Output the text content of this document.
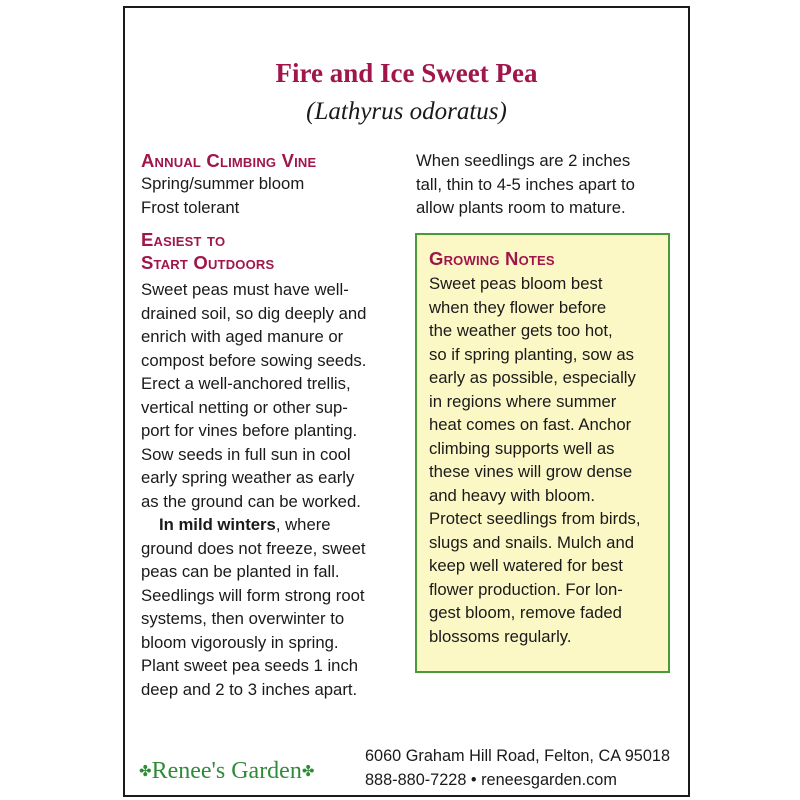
Fire and Ice Sweet Pea
(Lathyrus odoratus)
Annual Climbing Vine

Spring/summer bloom

Frost tolerant

Easiest to
Start Outdoors

Sweet peas must have well-

drained soil, so dig deeply and

enrich with aged manure or

compost before sowing seeds.

Erect a well-anchored trellis,

vertical netting or other sup-

port for vines before planting.

Sow seeds in full sun in cool

early spring weather as early

as the ground can be worked.

In mild winters, where

ground does not freeze, sweet

peas can be planted in fall.

Seedlings will form strong root

systems, then overwinter to

bloom vigorously in spring.

Plant sweet pea seeds 1 inch

deep and 2 to 3 inches apart.

When seedlings are 2 inches

tall, thin to 4-5 inches apart to

allow plants room to mature.

Growing Notes

Sweet peas bloom best

when they flower before

the weather gets too hot,

so if spring planting, sow as

early as possible, especially

in regions where summer

heat comes on fast. Anchor

climbing supports well as

these vines will grow dense

and heavy with bloom.

Protect seedlings from birds,

slugs and snails. Mulch and

keep well watered for best

flower production. For lon-

gest bloom, remove faded

blossoms regularly.

✤Renee's Garden✤
6060 Graham Hill Road, Felton, CA 95018
888-880-7228 • reneesgarden.com
